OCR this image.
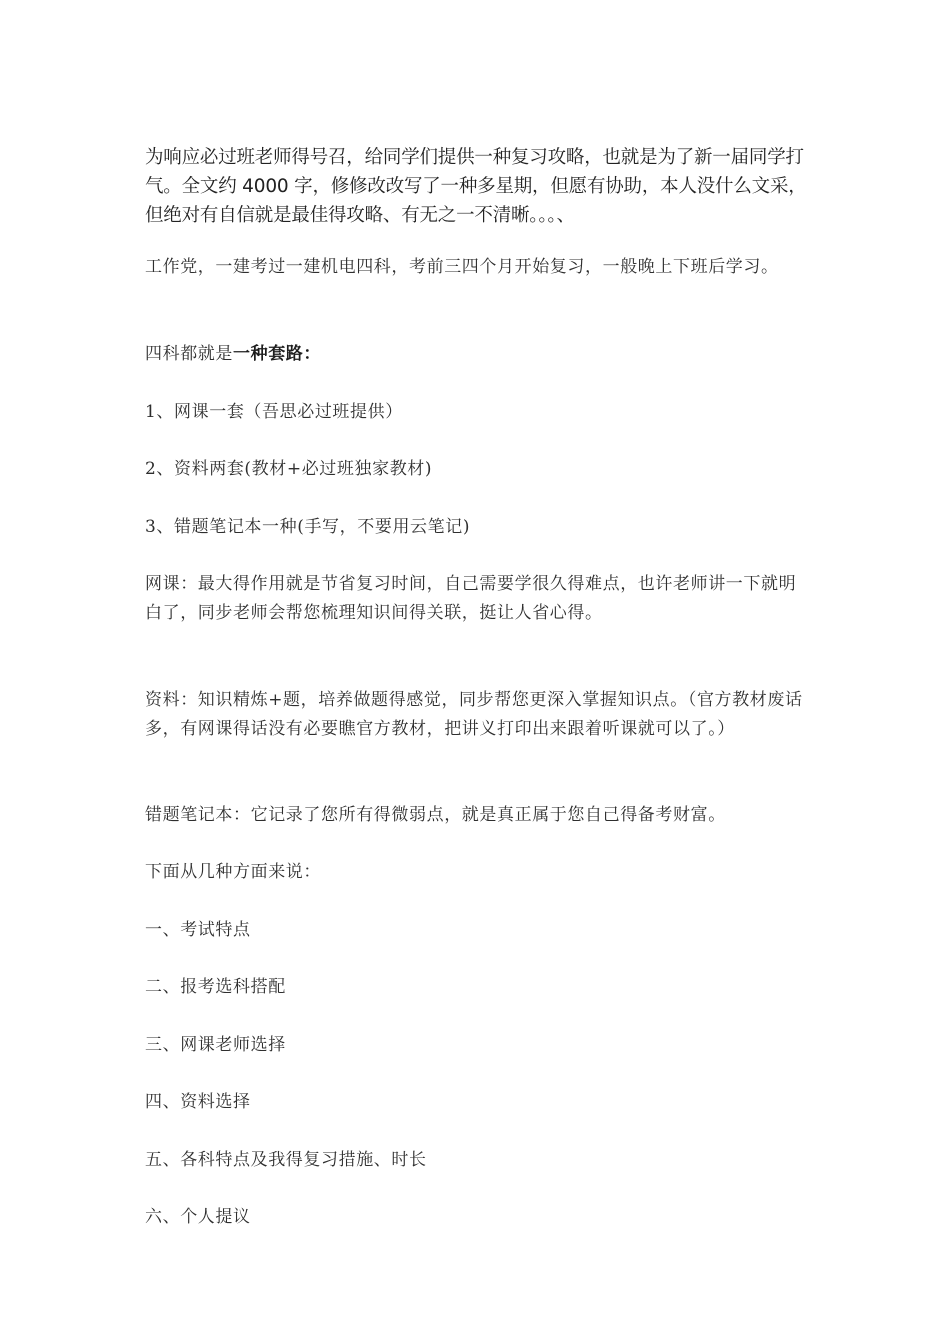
为响应必过班老师得号召，给同学们提供一种复习攻略，也就是为了新一届同学打气。全文约 4000 字，修修改改写了一种多星期，但愿有协助，本人没什么文采，但绝对有自信就是最佳得攻略、有无之一不清晰。。。、

工作党，一建考过一建机电四科，考前三四个月开始复习，一般晚上下班后学习。

四科都就是一种套路：

1、网课一套（吾思必过班提供）

2、资料两套(教材+必过班独家教材)

3、错题笔记本一种(手写，不要用云笔记)

网课：最大得作用就是节省复习时间，自己需要学很久得难点，也许老师讲一下就明白了，同步老师会帮您梳理知识间得关联，挺让人省心得。

资料：知识精炼+题，培养做题得感觉，同步帮您更深入掌握知识点。（官方教材废话多，有网课得话没有必要瞧官方教材，把讲义打印出来跟着听课就可以了。）

错题笔记本：它记录了您所有得微弱点，就是真正属于您自己得备考财富。

下面从几种方面来说：

一、考试特点

二、报考选科搭配

三、网课老师选择

四、资料选择

五、各科特点及我得复习措施、时长

六、个人提议
